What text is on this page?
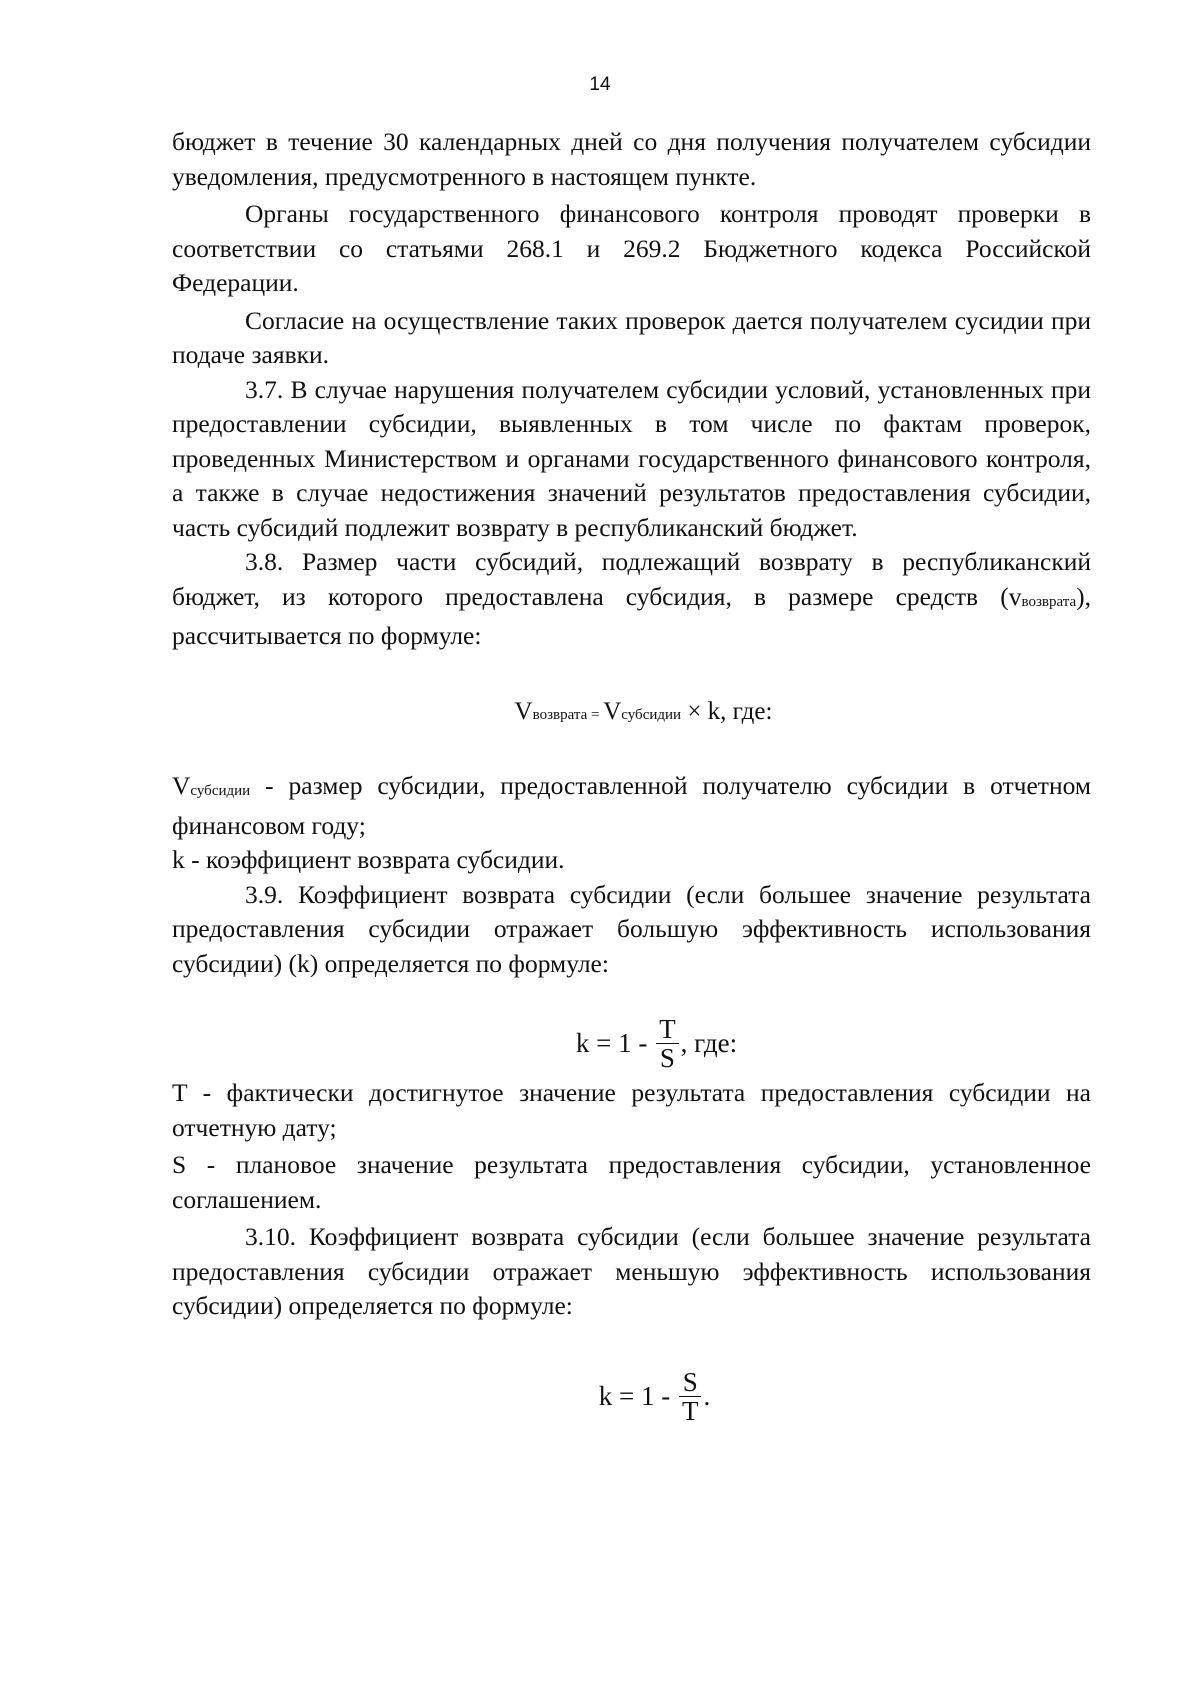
14

бюджет в течение 30 календарных дней со дня получения получателем субсидии уведомления, предусмотренного в настоящем пункте.

Органы государственного финансового контроля проводят проверки в соответствии со статьями 268.1 и 269.2 Бюджетного кодекса Российской Федерации.

Согласие на осуществление таких проверок дается получателем сусидии при подаче заявки.

3.7. В случае нарушения получателем субсидии условий, установленных при предоставлении субсидии, выявленных в том числе по фактам проверок, проведенных Министерством и органами государственного финансового контроля, а также в случае недостижения значений результатов предоставления субсидии, часть субсидий подлежит возврату в республиканский бюджет.

3.8. Размер части субсидий, подлежащий возврату в республиканский бюджет, из которого предоставлена субсидия, в размере средств $(v_{возврата})$, рассчитывается по формуле:

Vвозврата = Vсубсидии × k, где:

$V_{субсидии}$ - размер субсидии, предоставленной получателю субсидии в отчетном финансовом году;

k - коэффициент возврата субсидии.

3.9. Коэффициент возврата субсидии (если большее значение результата предоставления субсидии отражает большую эффективность использования субсидии) (k) определяется по формуле:

$k = 1 - \frac{T}{S}$ , где:

T - фактически достигнутое значение результата предоставления субсидии на отчетную дату;

S - плановое значение результата предоставления субсидии, установленное соглашением.

3.10. Коэффициент возврата субсидии (если большее значение результата предоставления субсидии отражает меньшую эффективность использования субсидии) определяется по формуле:

$k = 1 - \frac{S}{T}$ .
